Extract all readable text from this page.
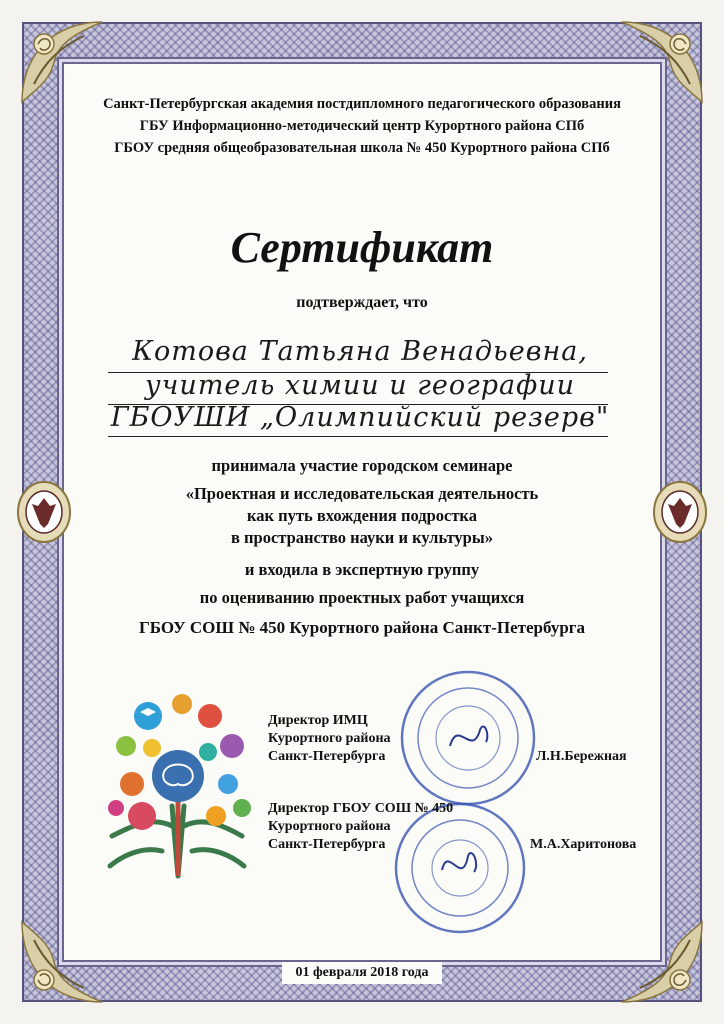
Санкт-Петербургская академия постдипломного педагогического образования
ГБУ Информационно-методический центр Курортного района СПб
ГБОУ средняя общеобразовательная школа № 450 Курортного района СПб
Сертификат
подтверждает, что
Котова Татьяна Венадьевна,
учитель химии и географии
ГБОУШИ „Олимпийский резерв"
принимала участие городском семинаре
«Проектная и исследовательская деятельность
как путь вхождения подростка
в пространство науки и культуры»
и входила в экспертную группу
по оцениванию проектных работ учащихся
ГБОУ СОШ № 450 Курортного района Санкт-Петербурга
Директор ИМЦ
Курортного района
Санкт-Петербурга	Л.Н.Бережная
Директор ГБОУ СОШ № 450
Курортного района
Санкт-Петербурга	М.А.Харитонова
01 февраля 2018 года
